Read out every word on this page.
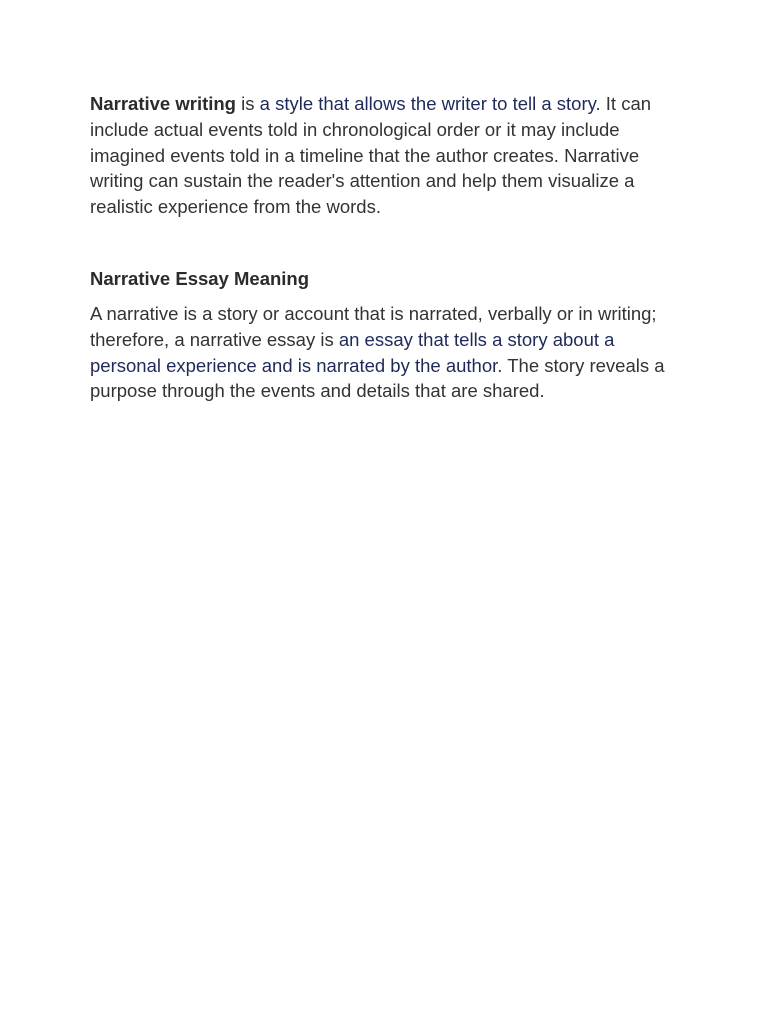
Narrative writing is a style that allows the writer to tell a story. It can include actual events told in chronological order or it may include imagined events told in a timeline that the author creates. Narrative writing can sustain the reader's attention and help them visualize a realistic experience from the words.

Narrative Essay Meaning

A narrative is a story or account that is narrated, verbally or in writing; therefore, a narrative essay is an essay that tells a story about a personal experience and is narrated by the author. The story reveals a purpose through the events and details that are shared.
